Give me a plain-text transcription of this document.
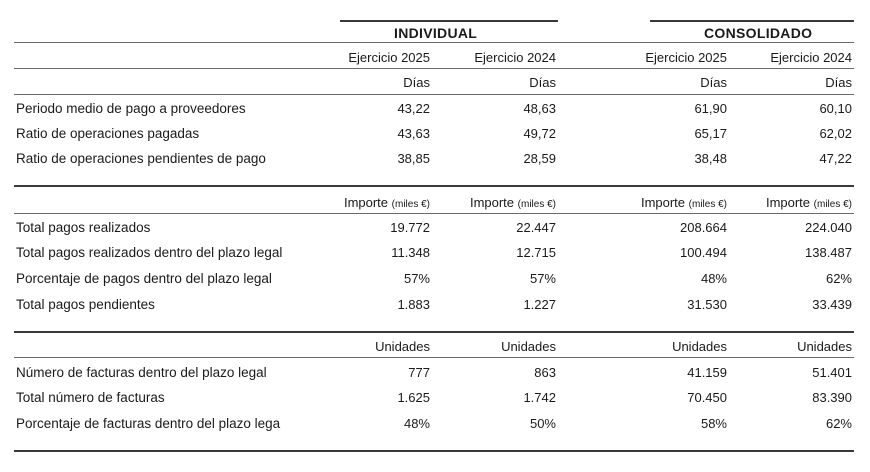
INDIVIDUAL	CONSOLIDADO
Ejercicio 2025	Ejercicio 2024	Ejercicio 2025	Ejercicio 2024
Días	Días	Días	Días
Periodo medio de pago a proveedores	43,22	48,63	61,90	60,10
Ratio de operaciones pagadas	43,63	49,72	65,17	62,02
Ratio de operaciones pendientes de pago	38,85	28,59	38,48	47,22
Importe (miles €)	Importe (miles €)	Importe (miles €)	Importe (miles €)
Total pagos realizados	19.772	22.447	208.664	224.040
Total pagos realizados dentro del plazo legal	11.348	12.715	100.494	138.487
Porcentaje de pagos dentro del plazo legal	57%	57%	48%	62%
Total pagos pendientes	1.883	1.227	31.530	33.439
Unidades	Unidades	Unidades	Unidades
Número de facturas dentro del plazo legal	777	863	41.159	51.401
Total número de facturas	1.625	1.742	70.450	83.390
Porcentaje de facturas dentro del plazo lega	48%	50%	58%	62%
